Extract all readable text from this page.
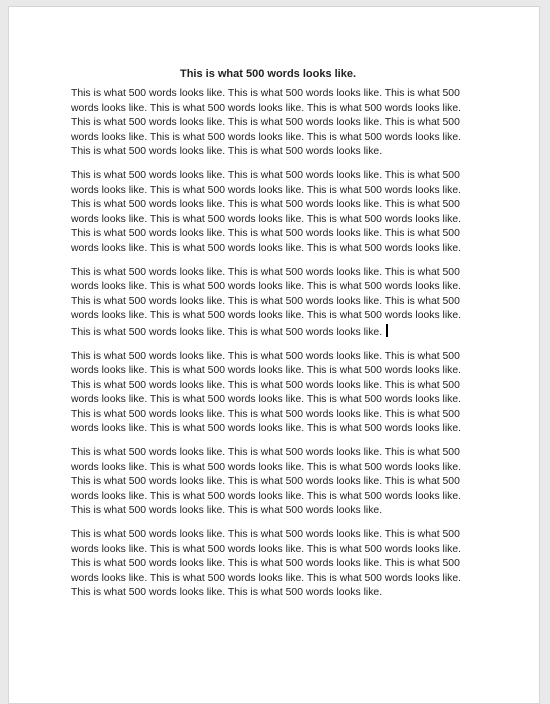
This is what 500 words looks like.

This is what 500 words looks like. This is what 500 words looks like. This is what 500 words looks like. This is what 500 words looks like. This is what 500 words looks like. This is what 500 words looks like. This is what 500 words looks like. This is what 500 words looks like. This is what 500 words looks like. This is what 500 words looks like. This is what 500 words looks like. This is what 500 words looks like.

This is what 500 words looks like. This is what 500 words looks like. This is what 500 words looks like. This is what 500 words looks like. This is what 500 words looks like. This is what 500 words looks like. This is what 500 words looks like. This is what 500 words looks like. This is what 500 words looks like. This is what 500 words looks like. This is what 500 words looks like. This is what 500 words looks like. This is what 500 words looks like. This is what 500 words looks like. This is what 500 words looks like.

This is what 500 words looks like. This is what 500 words looks like. This is what 500 words looks like. This is what 500 words looks like. This is what 500 words looks like. This is what 500 words looks like. This is what 500 words looks like. This is what 500 words looks like. This is what 500 words looks like. This is what 500 words looks like. This is what 500 words looks like. This is what 500 words looks like.

This is what 500 words looks like. This is what 500 words looks like. This is what 500 words looks like. This is what 500 words looks like. This is what 500 words looks like. This is what 500 words looks like. This is what 500 words looks like. This is what 500 words looks like. This is what 500 words looks like. This is what 500 words looks like. This is what 500 words looks like. This is what 500 words looks like. This is what 500 words looks like. This is what 500 words looks like. This is what 500 words looks like.

This is what 500 words looks like. This is what 500 words looks like. This is what 500 words looks like. This is what 500 words looks like. This is what 500 words looks like. This is what 500 words looks like. This is what 500 words looks like. This is what 500 words looks like. This is what 500 words looks like. This is what 500 words looks like. This is what 500 words looks like. This is what 500 words looks like.

This is what 500 words looks like. This is what 500 words looks like. This is what 500 words looks like. This is what 500 words looks like. This is what 500 words looks like. This is what 500 words looks like. This is what 500 words looks like. This is what 500 words looks like. This is what 500 words looks like. This is what 500 words looks like. This is what 500 words looks like. This is what 500 words looks like.
